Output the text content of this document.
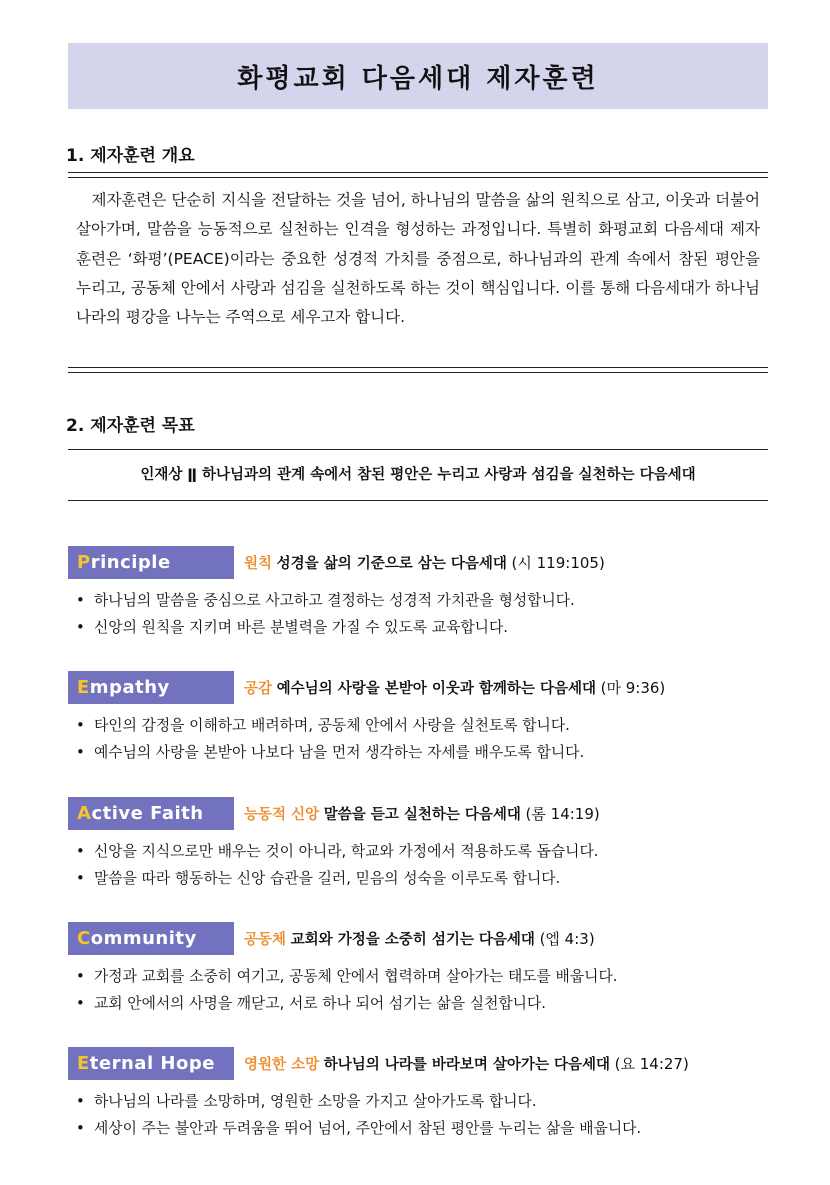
화평교회 다음세대 제자훈련
1. 제자훈련 개요

제자훈련은 단순히 지식을 전달하는 것을 넘어, 하나님의 말씀을 삶의 원칙으로 삼고, 이웃과 더불어 살아가며, 말씀을 능동적으로 실천하는 인격을 형성하는 과정입니다. 특별히 화평교회 다음세대 제자훈련은 ‘화평’(PEACE)이라는 중요한 성경적 가치를 중점으로, 하나님과의 관계 속에서 참된 평안을 누리고, 공동체 안에서 사랑과 섬김을 실천하도록 하는 것이 핵심입니다. 이를 통해 다음세대가 하나님 나라의 평강을 나누는 주역으로 세우고자 합니다.

2. 제자훈련 목표

인재상 ǁ 하나님과의 관계 속에서 참된 평안은 누리고 사랑과 섬김을 실천하는 다음세대

P rinciple	원칙 성경을 삶의 기준으로 삼는 다음세대 (시 119:105)
• 하나님의 말씀을 중심으로 사고하고 결정하는 성경적 가치관을 형성합니다.
• 신앙의 원칙을 지키며 바른 분별력을 가질 수 있도록 교육합니다.
E mpathy	공감 예수님의 사랑을 본받아 이웃과 함께하는 다음세대 (마 9:36)
• 타인의 감정을 이해하고 배려하며, 공동체 안에서 사랑을 실천토록 합니다.
• 예수님의 사랑을 본받아 나보다 남을 먼저 생각하는 자세를 배우도록 합니다.
A ctive Faith	능동적 신앙 말씀을 듣고 실천하는 다음세대 (롬 14:19)
• 신앙을 지식으로만 배우는 것이 아니라, 학교와 가정에서 적용하도록 돕습니다.
• 말씀을 따라 행동하는 신앙 습관을 길러, 믿음의 성숙을 이루도록 합니다.
C ommunity	공동체 교회와 가정을 소중히 섬기는 다음세대 (엡 4:3)
• 가정과 교회를 소중히 여기고, 공동체 안에서 협력하며 살아가는 태도를 배웁니다.
• 교회 안에서의 사명을 깨닫고, 서로 하나 되어 섬기는 삶을 실천합니다.
E ternal Hope 영원한 소망 하나님의 나라를 바라보며 살아가는 다음세대 (요 14:27)
• 하나님의 나라를 소망하며, 영원한 소망을 가지고 살아가도록 합니다.
• 세상이 주는 불안과 두려움을 뛰어 넘어, 주안에서 참된 평안를 누리는 삶을 배웁니다.
